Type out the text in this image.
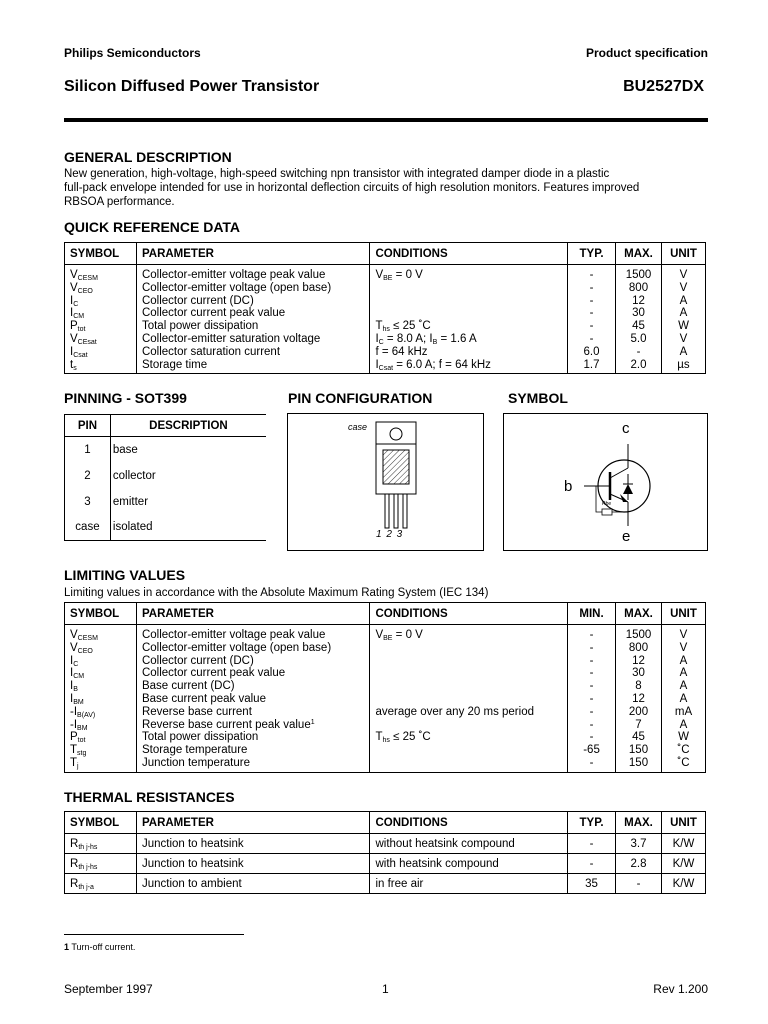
Philips Semiconductors	Product specification
Silicon Diffused Power Transistor	BU2527DX
GENERAL DESCRIPTION

New generation, high-voltage, high-speed switching npn transistor with integrated damper diode in a plastic
full-pack envelope intended for use in horizontal deflection circuits of high resolution monitors. Features improved
RBSOA performance.

QUICK REFERENCE DATA
SYMBOL	PARAMETER	CONDITIONS	TYP.	MAX.	UNIT
$V_{CESM}$	Collector-emitter voltage peak value	$V_{BE} = 0$ V	-	1500	V
$V_{CEO}$	Collector-emitter voltage (open base)		-	800	V
$I_C$	Collector current (DC)		-	12	A
$I_{CM}$	Collector current peak value		-	30	A
$P_{tot}$	Total power dissipation	$T_{hs} \le 25$ ˚C	-	45	W
$V_{CEsat}$	Collector-emitter saturation voltage	$I_C = 8.0$ A; $I_B = 1.6$ A	-	5.0	V
$I_{Csat}$	Collector saturation current	f = 64 kHz	6.0	-	A
$t_s$	Storage time	$I_{Csat} = 6.0$ A; f = 64 kHz	1.7	2.0	µs
PINNING - SOT399
PIN	DESCRIPTION
1	base
2	collector
3	emitter
case	isolated
PIN CONFIGURATION
case
1 2 3
SYMBOL
c
b
e
Rbe
LIMITING VALUES

Limiting values in accordance with the Absolute Maximum Rating System (IEC 134)

SYMBOL	PARAMETER	CONDITIONS	MIN.	MAX.	UNIT
$V_{CESM}$	Collector-emitter voltage peak value	$V_{BE} = 0$ V	-	1500	V
$V_{CEO}$	Collector-emitter voltage (open base)		-	800	V
$I_C$	Collector current (DC)		-	12	A
$I_{CM}$	Collector current peak value		-	30	A
$I_B$	Base current (DC)		-	8	A
$I_{BM}$	Base current peak value		-	12	A
$-I_{B(AV)}$	Reverse base current	average over any 20 ms period	-	200	mA
$-I_{BM}$	Reverse base current peak value$^1$		-	7	A
$P_{tot}$	Total power dissipation	$T_{hs} \le 25$ ˚C	-	45	W
$T_{stg}$	Storage temperature		-65	150	˚C
$T_j$	Junction temperature		-	150	˚C
THERMAL RESISTANCES
SYMBOL	PARAMETER	CONDITIONS	TYP.	MAX.	UNIT
$R_{th j-hs}$	Junction to heatsink	without heatsink compound	-	3.7	K/W
$R_{th j-hs}$	Junction to heatsink	with heatsink compound	-	2.8	K/W
$R_{th j-a}$	Junction to ambient	in free air	35	-	K/W
1 Turn-off current.
September 1997	1	Rev 1.200
